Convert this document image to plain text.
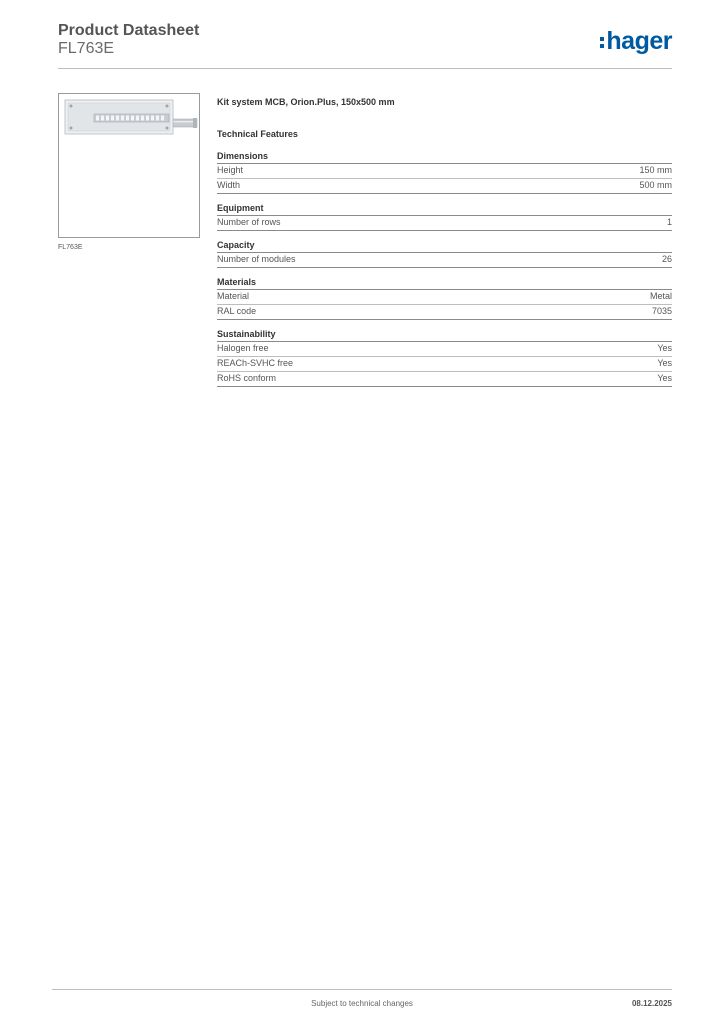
Product Datasheet
FL763E	hager
FL763E
Kit system MCB, Orion.Plus, 150x500 mm
Technical Features
Dimensions
Height	150 mm
Width	500 mm
Equipment
Number of rows	1
Capacity
Number of modules	26
Materials
Material	Metal
RAL code	7035
Sustainability
Halogen free	Yes
REACh-SVHC free	Yes
RoHS conform	Yes
Subject to technical changes	08.12.2025
